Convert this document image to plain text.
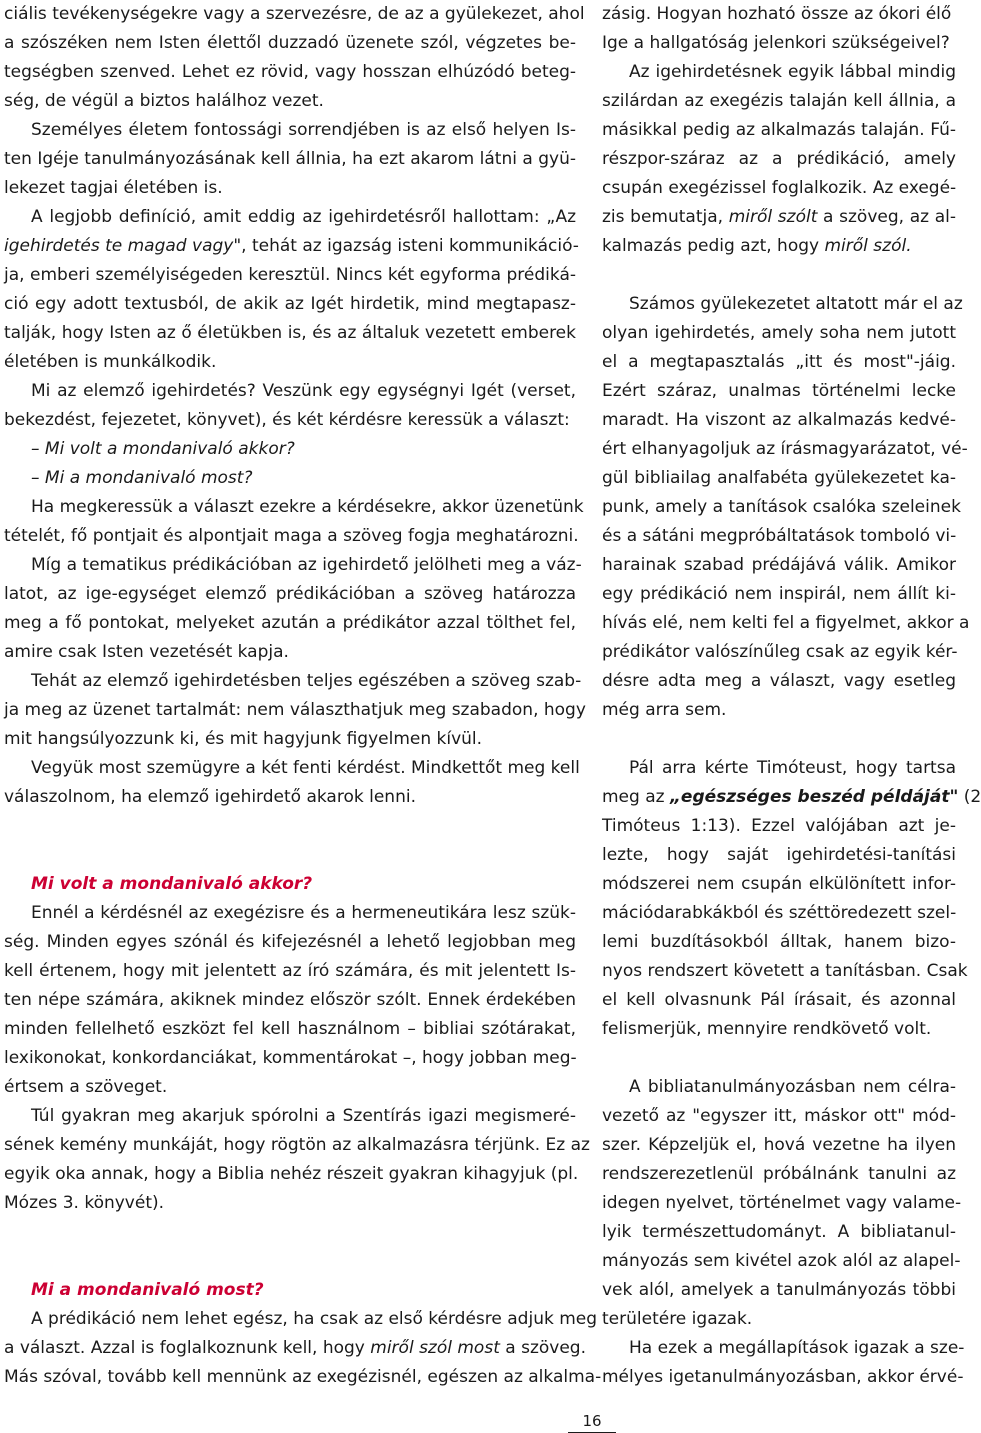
ciális tevékenységekre vagy a szervezésre, de az a gyülekezet, ahol
a szószéken nem Isten élettől duzzadó üzenete szól, végzetes be-
tegségben szenved. Lehet ez rövid, vagy hosszan elhúzódó beteg-
ség, de végül a biztos halálhoz vezet.
Személyes életem fontossági sorrendjében is az első helyen Is-
ten Igéje tanulmányozásának kell állnia, ha ezt akarom látni a gyü-
lekezet tagjai életében is.
A legjobb definíció, amit eddig az igehirdetésről hallottam: „Az
igehirdetés te magad vagy", tehát az igazság isteni kommunikáció-
ja, emberi személyiségeden keresztül. Nincs két egyforma prédiká-
ció egy adott textusból, de akik az Igét hirdetik, mind megtapasz-
talják, hogy Isten az ő életükben is, és az általuk vezetett emberek
életében is munkálkodik.
Mi az elemző igehirdetés? Veszünk egy egységnyi Igét (verset,
bekezdést, fejezetet, könyvet), és két kérdésre keressük a választ:
– Mi volt a mondanivaló akkor?
– Mi a mondanivaló most?
Ha megkeressük a választ ezekre a kérdésekre, akkor üzenetünk
tételét, fő pontjait és alpontjait maga a szöveg fogja meghatározni.
Míg a tematikus prédikációban az igehirdető jelölheti meg a váz-
latot, az ige-egységet elemző prédikációban a szöveg határozza
meg a fő pontokat, melyeket azután a prédikátor azzal tölthet fel,
amire csak Isten vezetését kapja.
Tehát az elemző igehirdetésben teljes egészében a szöveg szab-
ja meg az üzenet tartalmát: nem választhatjuk meg szabadon, hogy
mit hangsúlyozzunk ki, és mit hagyjunk figyelmen kívül.
Vegyük most szemügyre a két fenti kérdést. Mindkettőt meg kell
válaszolnom, ha elemző igehirdető akarok lenni.
Mi volt a mondanivaló akkor?
Ennél a kérdésnél az exegézisre és a hermeneutikára lesz szük-
ség. Minden egyes szónál és kifejezésnél a lehető legjobban meg
kell értenem, hogy mit jelentett az író számára, és mit jelentett Is-
ten népe számára, akiknek mindez először szólt. Ennek érdekében
minden fellelhető eszközt fel kell használnom – bibliai szótárakat,
lexikonokat, konkordanciákat, kommentárokat –, hogy jobban meg-
értsem a szöveget.
Túl gyakran meg akarjuk spórolni a Szentírás igazi megismeré-
sének kemény munkáját, hogy rögtön az alkalmazásra térjünk. Ez az
egyik oka annak, hogy a Biblia nehéz részeit gyakran kihagyjuk (pl.
Mózes 3. könyvét).
Mi a mondanivaló most?
A prédikáció nem lehet egész, ha csak az első kérdésre adjuk meg
a választ. Azzal is foglalkoznunk kell, hogy miről szól most a szöveg.
Más szóval, tovább kell mennünk az exegézisnél, egészen az alkalma-
zásig. Hogyan hozható össze az ókori élő
Ige a hallgatóság jelenkori szükségeivel?
Az igehirdetésnek egyik lábbal mindig
szilárdan az exegézis talaján kell állnia, a
másikkal pedig az alkalmazás talaján. Fű-
részpor-száraz az a prédikáció, amely
csupán exegézissel foglalkozik. Az exegé-
zis bemutatja, miről szólt a szöveg, az al-
kalmazás pedig azt, hogy miről szól.
Számos gyülekezetet altatott már el az
olyan igehirdetés, amely soha nem jutott
el a megtapasztalás „itt és most"-jáig.
Ezért száraz, unalmas történelmi lecke
maradt. Ha viszont az alkalmazás kedvé-
ért elhanyagoljuk az írásmagyarázatot, vé-
gül bibliailag analfabéta gyülekezetet ka-
punk, amely a tanítások csalóka szeleinek
és a sátáni megpróbáltatások tomboló vi-
harainak szabad prédájává válik. Amikor
egy prédikáció nem inspirál, nem állít ki-
hívás elé, nem kelti fel a figyelmet, akkor a
prédikátor valószínűleg csak az egyik kér-
désre adta meg a választ, vagy esetleg
még arra sem.
Pál arra kérte Timóteust, hogy tartsa
meg az „egészséges beszéd példáját" (2
Timóteus 1:13). Ezzel valójában azt je-
lezte, hogy saját igehirdetési-tanítási
módszerei nem csupán elkülönített infor-
mációdarabkákból és széttöredezett szel-
lemi buzdításokból álltak, hanem bizo-
nyos rendszert követett a tanításban. Csak
el kell olvasnunk Pál írásait, és azonnal
felismerjük, mennyire rendkövető volt.
A bibliatanulmányozásban nem célra-
vezető az "egyszer itt, máskor ott" mód-
szer. Képzeljük el, hová vezetne ha ilyen
rendszerezetlenül próbálnánk tanulni az
idegen nyelvet, történelmet vagy valame-
lyik természettudományt. A bibliatanul-
mányozás sem kivétel azok alól az alapel-
vek alól, amelyek a tanulmányozás többi
területére igazak.
Ha ezek a megállapítások igazak a sze-
mélyes igetanulmányozásban, akkor érvé-
16
